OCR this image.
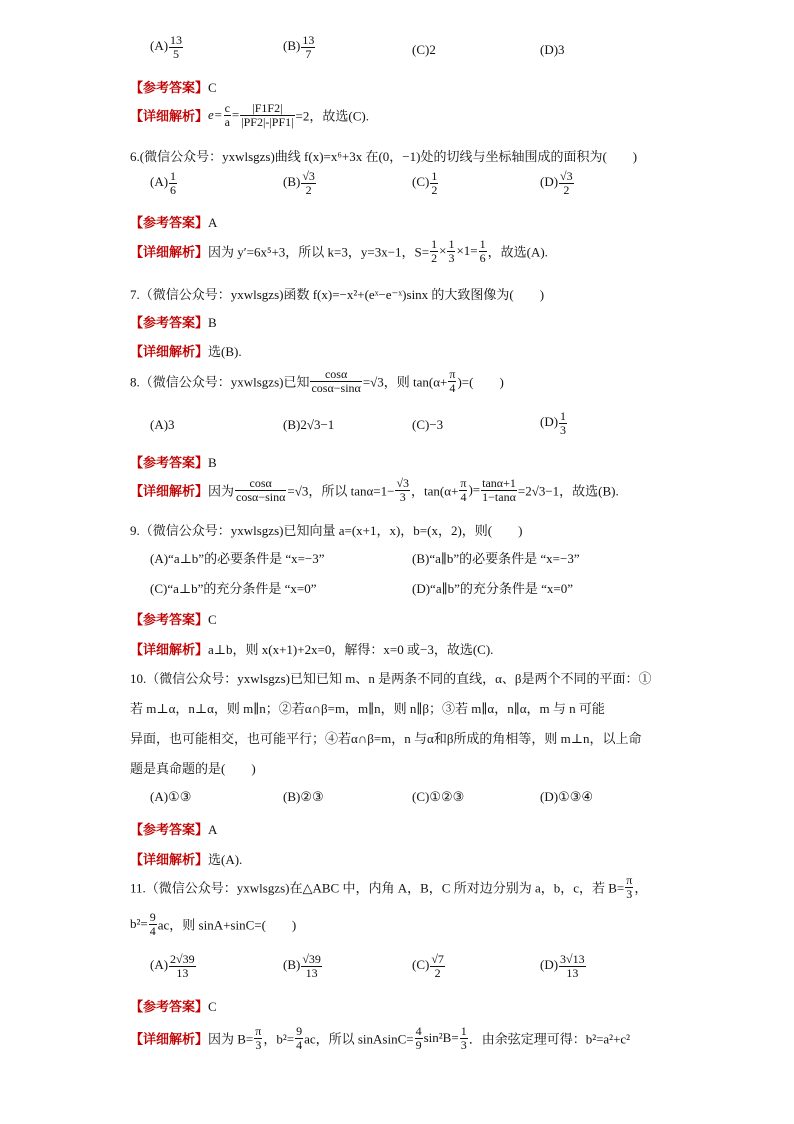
$(A) \frac{13}{5}$	$(B) \frac{13}{7}$	(C)2	(D)3
【参考答案】C
【详细解析】$e= \frac{c}{a} = \frac{|F1F2|}{|PF2|-|PF1|} =2$，故选(C).
6.(微信公众号：yxwlsgzs)曲线 f(x)=x⁶+3x 在(0，−1)处的切线与坐标轴围成的面积为(　　)
$(A) \frac{1}{6}$	$(B) \frac{√3}{2}$	$(C) \frac{1}{2}$	$(D) \frac{√3}{2}$
【参考答案】A
【详细解析】因为 y′=6x⁵+3，所以 k=3，y=3x−1，$S= \frac{1}{2} \times \frac{1}{3} \times 1= \frac{1}{6}$ ，故选(A).
7.（微信公众号：yxwlsgzs)函数 f(x)=−x²+(eˣ−e⁻ˣ)sinx 的大致图像为(　　)
【参考答案】B
【详细解析】选(B).
8.（微信公众号：yxwlsgzs)已知 $\frac{\cos\alpha}{\cos\alpha-\sin\alpha} =√3$，则 $\tan(\alpha+ \frac{\pi}{4}$ )=(　　)
(A)3	(B)2√3−1	(C)−3	$(D) \frac{1}{3}$
【参考答案】B
【详细解析】因为 $\frac{\cos\alpha}{\cos\alpha-\sin\alpha} =√3$，所以 $\tan\alpha=1- \frac{√3}{3}$ ，$\tan(\alpha+ \frac{\pi}{4}$ )= $\frac{\tan\alpha+1}{1-\tan\alpha} =2√3-1$，故选(B).
9.（微信公众号：yxwlsgzs)已知向量 a=(x+1，x)，b=(x，2)，则(　　)
(A)“a⊥b”的必要条件是 “x=−3”	(B)“a∥b”的必要条件是 “x=−3”
(C)“a⊥b”的充分条件是 “x=0”	(D)“a∥b”的充分条件是 “x=0”
【参考答案】C
【详细解析】a⊥b，则 x(x+1)+2x=0，解得：x=0 或−3，故选(C).
10.（微信公众号：yxwlsgzs)已知已知 m、n 是两条不同的直线，α、β是两个不同的平面：①
若 m⊥α，n⊥α，则 m∥n；②若α∩β=m，m∥n，则 n∥β；③若 m∥α，n∥α，m 与 n 可能
异面，也可能相交，也可能平行；④若α∩β=m，n 与α和β所成的角相等，则 m⊥n，以上命
题是真命题的是(　　)
(A)①③	(B)②③	(C)①②③	(D)①③④
【参考答案】A
【详细解析】选(A).
11.（微信公众号：yxwlsgzs)在△ABC 中，内角 A，B，C 所对边分别为 a，b，c，若 $B= \frac{\pi}{3}$ ，
$b^2= \frac{9}{4}$ ac，则 sinA+sinC=(　　)
$(A) \frac{2√39}{13}$	$(B) \frac{√39}{13}$	$(C) \frac{√7}{2}$	$(D) \frac{3√13}{13}$
【参考答案】C
【详细解析】因为 $B= \frac{\pi}{3}$ ，$b^2= \frac{9}{4}$ ac，所以 sinAsinC= $\frac{4}{9} \sin^2B= \frac{1}{3}$ ．由余弦定理可得：b²=a²+c²
